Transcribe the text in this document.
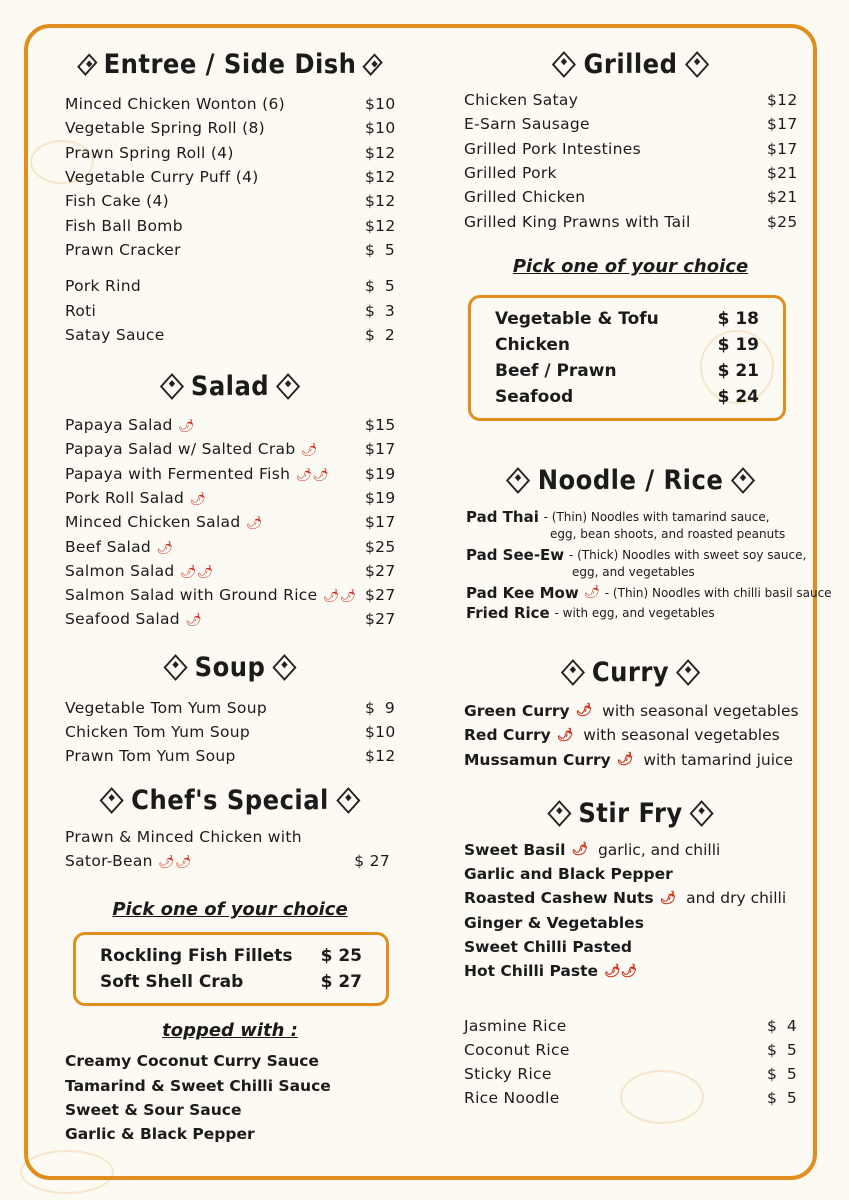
Entree / Side Dish
Minced Chicken Wonton (6)	$ 10
Vegetable Spring Roll (8)	$ 10
Prawn Spring Roll (4)	$ 12
Vegetable Curry Puff (4)	$ 12
Fish Cake (4)	$ 12
Fish Ball Bomb	$ 12
Prawn Cracker	$ 5
Pork Rind	$ 5
Roti	$ 3
Satay Sauce	$ 2
Salad
Papaya Salad 🌶	$ 15
Papaya Salad w/ Salted Crab 🌶	$ 17
Papaya with Fermented Fish 🌶🌶 $ 19
Pork Roll Salad 🌶	$ 19
Minced Chicken Salad 🌶	$ 17
Beef Salad 🌶	$ 25
Salmon Salad 🌶🌶	$ 27
Salmon Salad with Ground Rice 🌶🌶 $ 27
Seafood Salad 🌶	$ 27
Soup
Vegetable Tom Yum Soup	$ 9
Chicken Tom Yum Soup	$ 10
Prawn Tom Yum Soup	$ 12
Chef's Special
Prawn & Minced Chicken with
Sator-Bean 🌶🌶	$ 27
Pick one of your choice
Rockling Fish Fillets $ 25
Soft Shell Crab	$ 27
topped with :
Creamy Coconut Curry Sauce
Tamarind & Sweet Chilli Sauce
Sweet & Sour Sauce
Garlic & Black Pepper
Grilled
Chicken Satay	$ 12
E-Sarn Sausage	$ 17
Grilled Pork Intestines	$ 17
Grilled Pork	$ 21
Grilled Chicken	$ 21
Grilled King Prawns with Tail	$ 25
Pick one of your choice
Vegetable & Tofu	$ 18
Chicken	$ 19
Beef / Prawn	$ 21
Seafood	$ 24
Noodle / Rice
Pad Thai
- (Thin) Noodles with tamarind sauce,
egg, bean shoots, and roasted peanuts
Pad See-Ew
- (Thick) Noodles with sweet soy sauce,
egg, and vegetables
Pad Kee Mow
🌶
- (Thin) Noodles with chilli basil sauce
Fried Rice
- with egg, and vegetables
Curry
Green Curry 🌶 with seasonal vegetables
Red Curry 🌶 with seasonal vegetables
Mussamun Curry 🌶 with tamarind juice
Stir Fry
Sweet Basil 🌶 garlic, and chilli
Garlic and Black Pepper
Roasted Cashew Nuts 🌶 and dry chilli
Ginger & Vegetables
Sweet Chilli Pasted
Hot Chilli Paste 🌶🌶
Jasmine Rice	$ 4
Coconut Rice	$ 5
Sticky Rice	$ 5
Rice Noodle	$ 5
